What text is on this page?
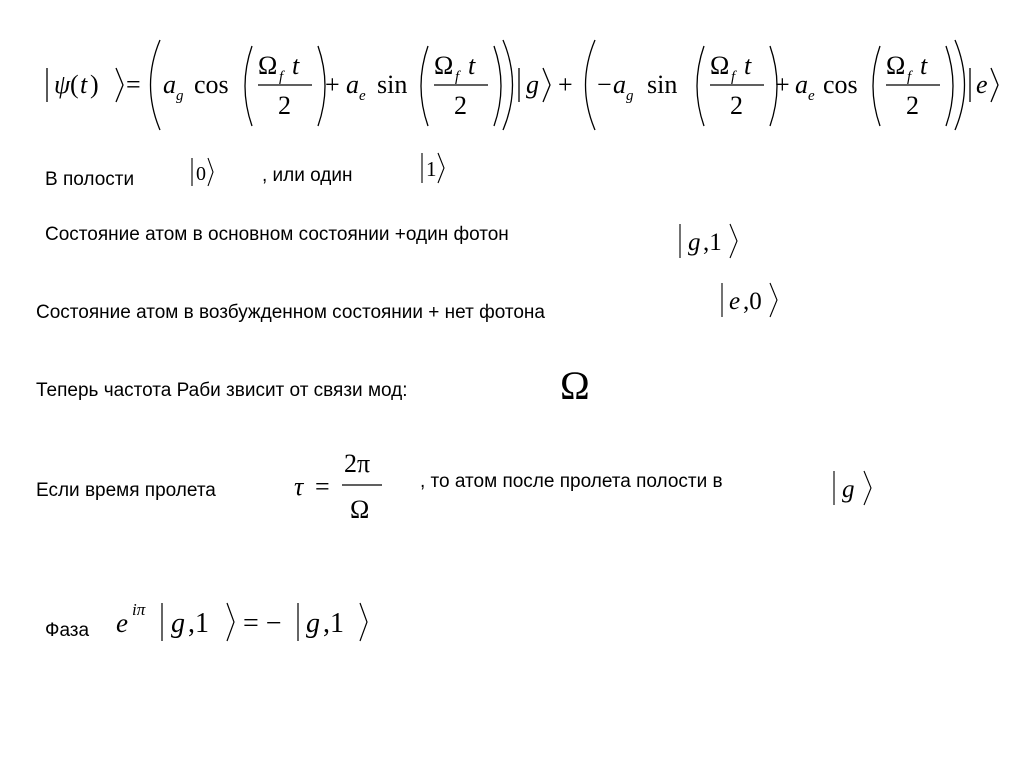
ψ ( t ) = a g cos
Ω f t
2
+ a e sin
Ω f t
2
g + − a g sin
Ω f t
2
+ a e cos
Ω f t
2
e
В полости	0	, или один	1
Состояние атом в основном состоянии +один фотон	g ,1
Состояние атом в возбужденном состоянии + нет фотона	e ,0
Теперь частота Раби звисит от связи мод:	Ω
Если время пролета	τ =
2π
Ω
, то атом после пролета полости в	g
Фаза e iπ g ,1 = − g ,1
